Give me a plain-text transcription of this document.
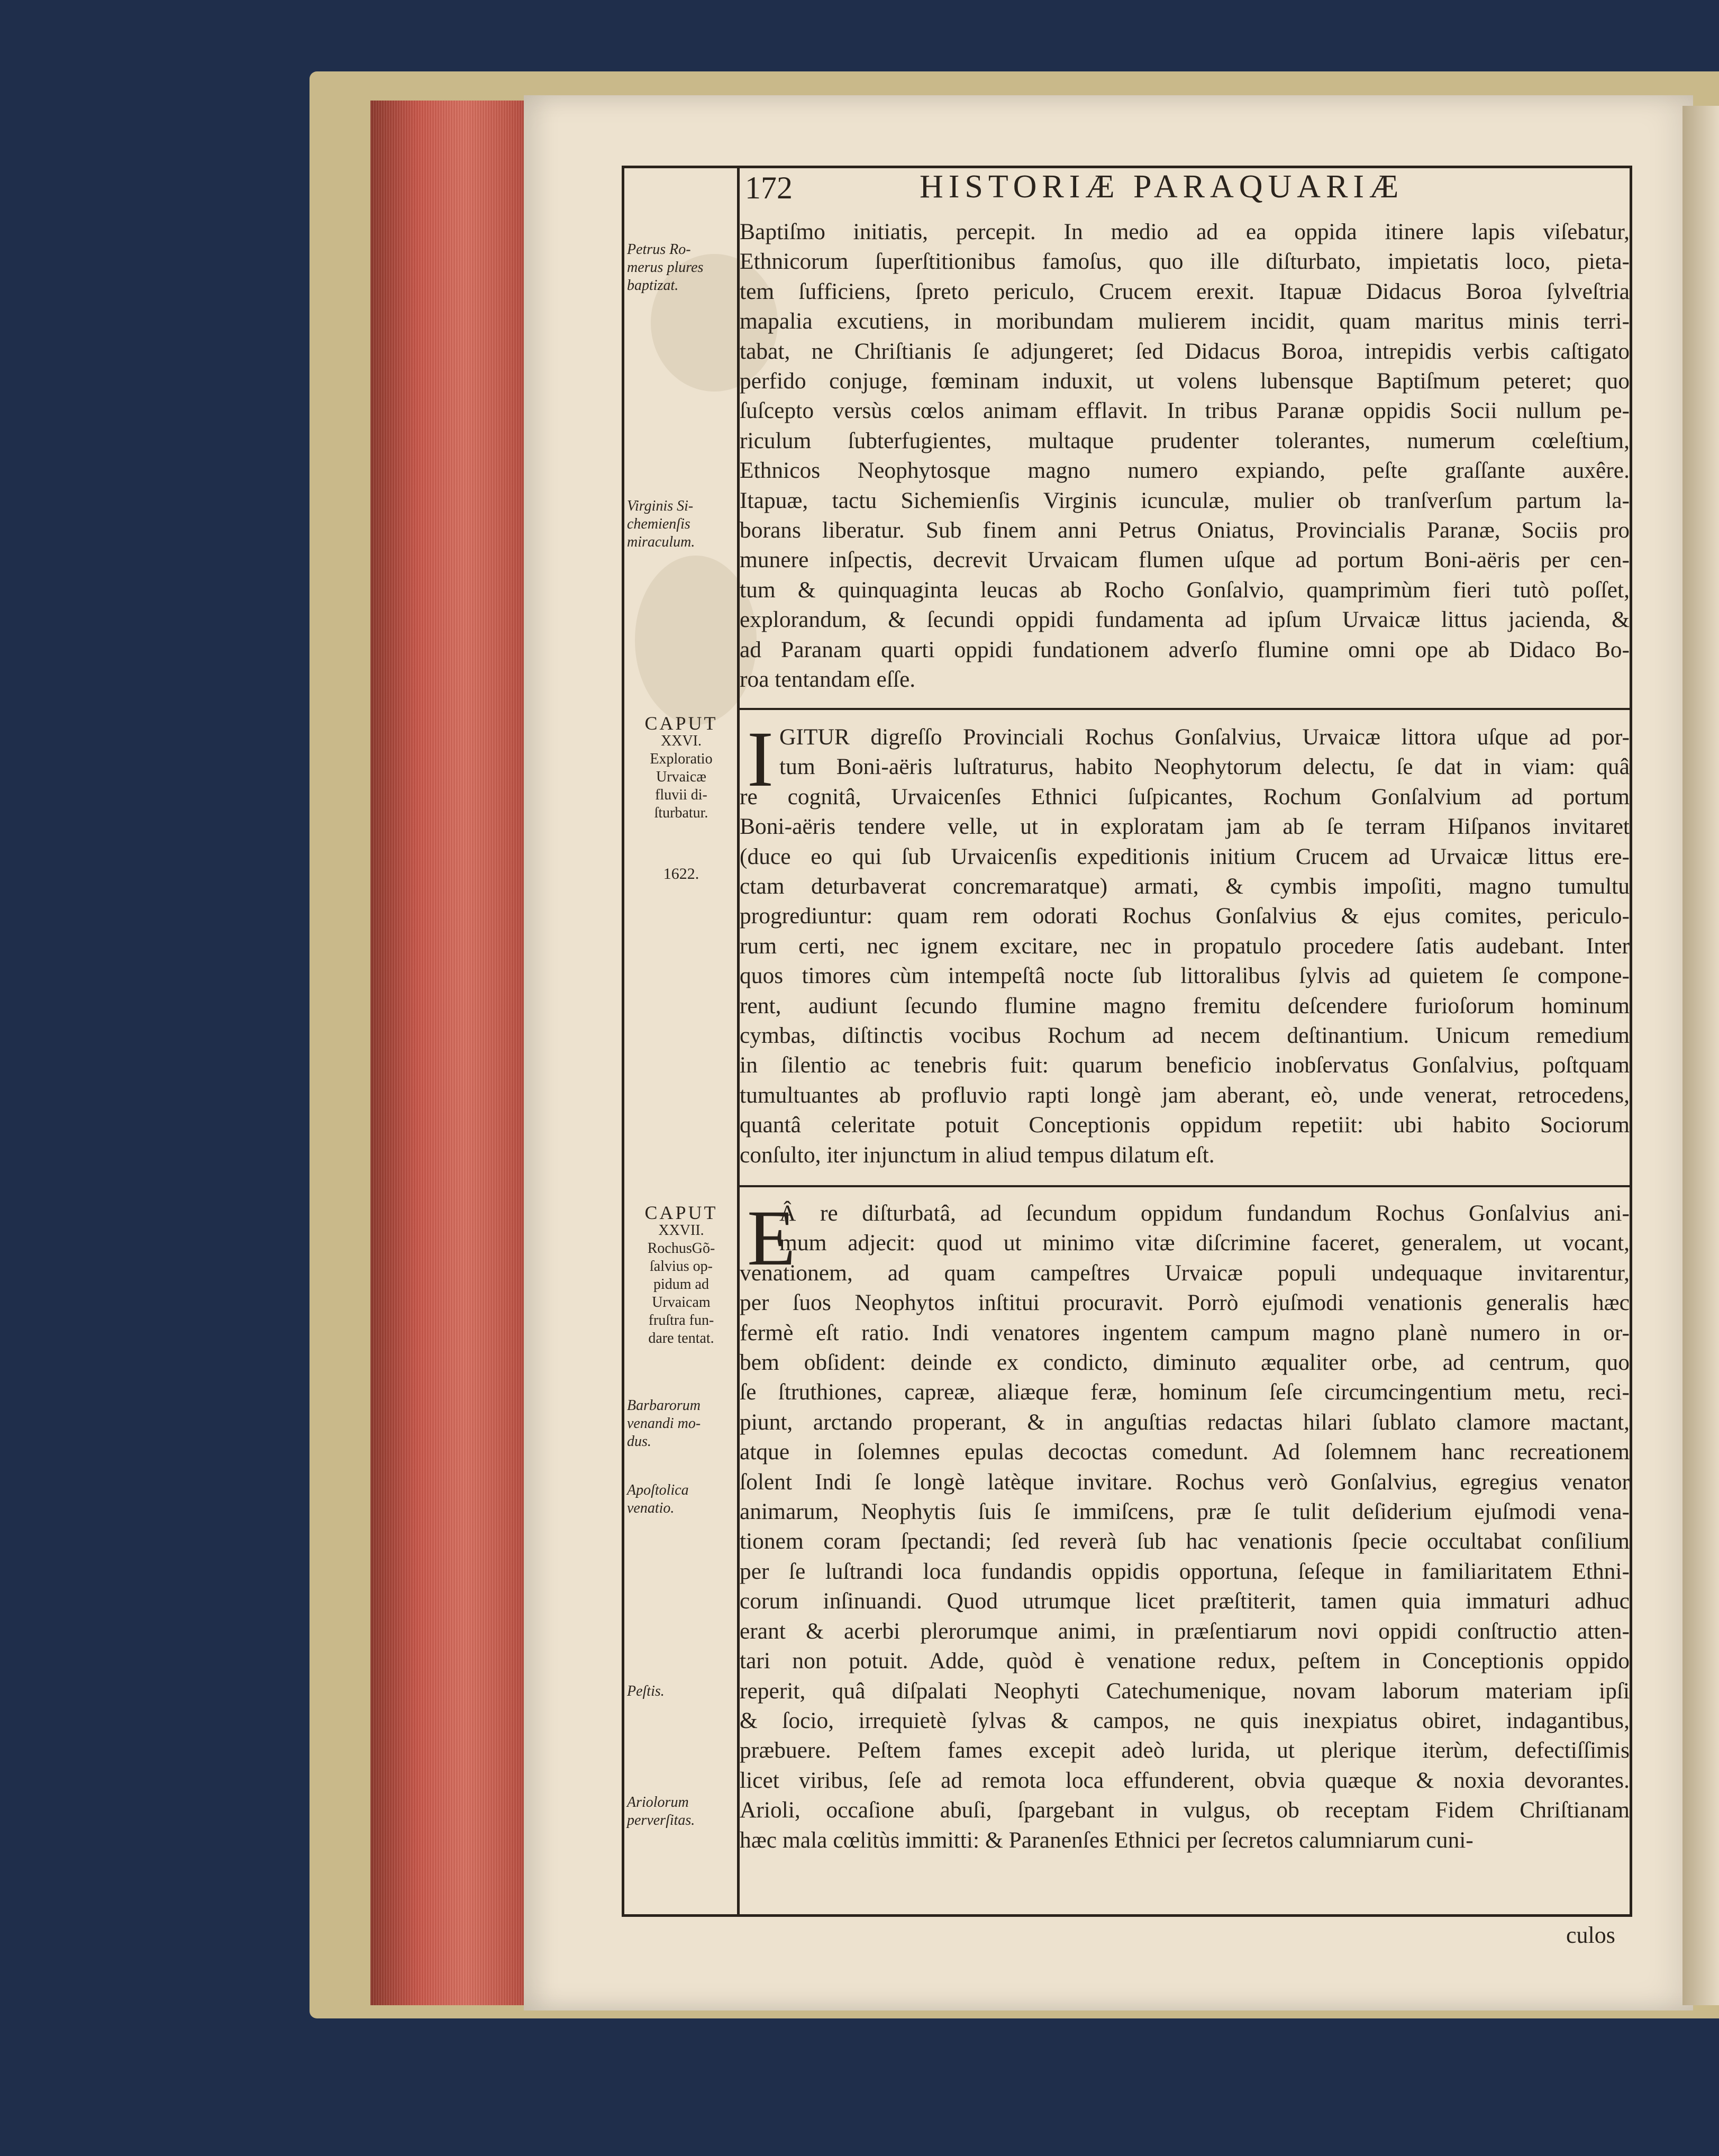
172	HISTORIÆ PARAQUARIÆ
Petrus Ro-
merus plures
baptizat.
Virginis Si-
chemienſis
miraculum.
CAPUT
XXVI.
Exploratio
Urvaicæ
fluvii di-
ſturbatur.
1622.
CAPUT
XXVII.
RochusGõ-
ſalvius op-
pidum ad
Urvaicam
fruſtra fun-
dare tentat.
Barbarorum
venandi mo-
dus.
Apoſtolica
venatio.
Peſtis.
Ariolorum
perverſitas.
Baptiſmo initiatis, percepit. In medio ad ea oppida itinere lapis viſebatur,
Ethnicorum ſuperſtitionibus famoſus, quo ille diſturbato, impietatis loco, pieta-
tem ſufficiens, ſpreto periculo, Crucem erexit. Itapuæ Didacus Boroa ſylveſtria
mapalia excutiens, in moribundam mulierem incidit, quam maritus minis terri-
tabat, ne Chriſtianis ſe adjungeret; ſed Didacus Boroa, intrepidis verbis caſtigato
perfido conjuge, fœminam induxit, ut volens lubensque Baptiſmum peteret; quo
ſuſcepto versùs cœlos animam efflavit. In tribus Paranæ oppidis Socii nullum pe-
riculum ſubterfugientes, multaque prudenter tolerantes, numerum cœleſtium,
Ethnicos Neophytosque magno numero expiando, peſte graſſante auxêre.
Itapuæ, tactu Sichemienſis Virginis icunculæ, mulier ob tranſverſum partum la-
borans liberatur. Sub finem anni Petrus Oniatus, Provincialis Paranæ, Sociis pro
munere inſpectis, decrevit Urvaicam flumen uſque ad portum Boni-aëris per cen-
tum & quinquaginta leucas ab Rocho Gonſalvio, quamprimùm fieri tutò poſſet,
explorandum, & ſecundi oppidi fundamenta ad ipſum Urvaicæ littus jacienda, &
ad Paranam quarti oppidi fundationem adverſo flumine omni ope ab Didaco Bo-
roa tentandam eſſe.
I GITUR digreſſo Provinciali Rochus Gonſalvius, Urvaicæ littora uſque ad por-
tum Boni-aëris luſtraturus, habito Neophytorum delectu, ſe dat in viam: quâ
re cognitâ, Urvaicenſes Ethnici ſuſpicantes, Rochum Gonſalvium ad portum
Boni-aëris tendere velle, ut in exploratam jam ab ſe terram Hiſpanos invitaret
(duce eo qui ſub Urvaicenſis expeditionis initium Crucem ad Urvaicæ littus ere-
ctam deturbaverat concremaratque) armati, & cymbis impoſiti, magno tumultu
progrediuntur: quam rem odorati Rochus Gonſalvius & ejus comites, periculo-
rum certi, nec ignem excitare, nec in propatulo procedere ſatis audebant. Inter
quos timores cùm intempeſtâ nocte ſub littoralibus ſylvis ad quietem ſe compone-
rent, audiunt ſecundo flumine magno fremitu deſcendere furioſorum hominum
cymbas, diſtinctis vocibus Rochum ad necem deſtinantium. Unicum remedium
in ſilentio ac tenebris fuit: quarum beneficio inobſervatus Gonſalvius, poſtquam
tumultuantes ab profluvio rapti longè jam aberant, eò, unde venerat, retrocedens,
quantâ celeritate potuit Conceptionis oppidum repetiit: ubi habito Sociorum
conſulto, iter injunctum in aliud tempus dilatum eſt.
E
Â re diſturbatâ, ad ſecundum oppidum fundandum Rochus Gonſalvius ani-
mum adjecit: quod ut minimo vitæ diſcrimine faceret, generalem, ut vocant,
venationem, ad quam campeſtres Urvaicæ populi undequaque invitarentur,
per ſuos Neophytos inſtitui procuravit. Porrò ejuſmodi venationis generalis hæc
fermè eſt ratio. Indi venatores ingentem campum magno planè numero in or-
bem obſident: deinde ex condicto, diminuto æqualiter orbe, ad centrum, quo
ſe ſtruthiones, capreæ, aliæque feræ, hominum ſeſe circumcingentium metu, reci-
piunt, arctando properant, & in anguſtias redactas hilari ſublato clamore mactant,
atque in ſolemnes epulas decoctas comedunt. Ad ſolemnem hanc recreationem
ſolent Indi ſe longè latèque invitare. Rochus verò Gonſalvius, egregius venator
animarum, Neophytis ſuis ſe immiſcens, præ ſe tulit deſiderium ejuſmodi vena-
tionem coram ſpectandi; ſed reverà ſub hac venationis ſpecie occultabat conſilium
per ſe luſtrandi loca fundandis oppidis opportuna, ſeſeque in familiaritatem Ethni-
corum inſinuandi. Quod utrumque licet præſtiterit, tamen quia immaturi adhuc
erant & acerbi plerorumque animi, in præſentiarum novi oppidi conſtructio atten-
tari non potuit. Adde, quòd è venatione redux, peſtem in Conceptionis oppido
reperit, quâ diſpalati Neophyti Catechumenique, novam laborum materiam ipſi
& ſocio, irrequietè ſylvas & campos, ne quis inexpiatus obiret, indagantibus,
præbuere. Peſtem fames excepit adeò lurida, ut plerique iterùm, defectiſſimis
licet viribus, ſeſe ad remota loca effunderent, obvia quæque & noxia devorantes.
Arioli, occaſione abuſi, ſpargebant in vulgus, ob receptam Fidem Chriſtianam
hæc mala cœlitùs immitti: & Paranenſes Ethnici per ſecretos calumniarum cuni-
culos
